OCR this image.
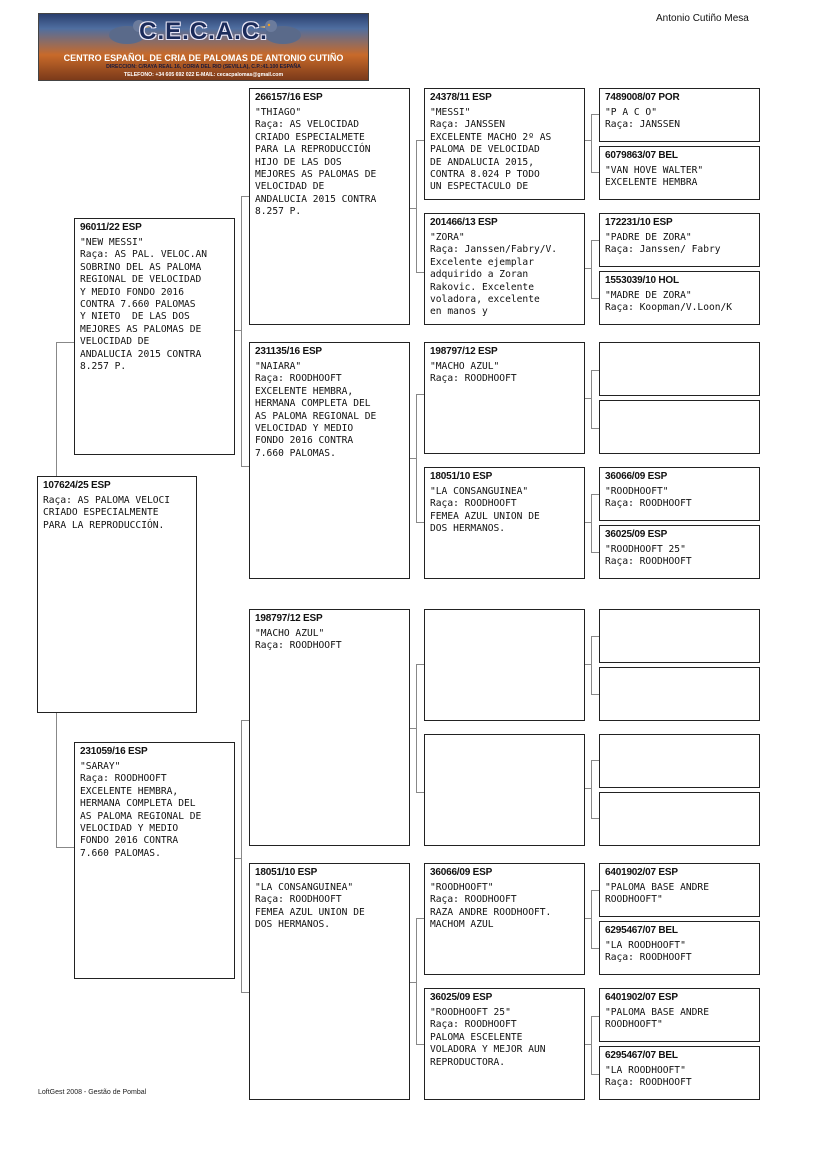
C.E.C.A.C.
CENTRO ESPAÑOL DE CRIA DE PALOMAS DE ANTONIO CUTIÑO
DIRECCION: C/RAYA REAL 16, CORIA DEL RIO (SEVILLA), C.P.:41.100 ESPAÑA
TELEFONO: +34 605 692 022 E-MAIL: cecacpalomas@gmail.com
Antonio Cutiño Mesa
107624/25 ESP
Raça: AS PALOMA VELOCI
CRIADO ESPECIALMENTE
PARA LA REPRODUCCIÓN.
96011/22 ESP
"NEW MESSI"
Raça: AS PAL. VELOC.AN
SOBRINO DEL AS PALOMA
REGIONAL DE VELOCIDAD
Y MEDIO FONDO 2016
CONTRA 7.660 PALOMAS
Y NIETO  DE LAS DOS
MEJORES AS PALOMAS DE
VELOCIDAD DE
ANDALUCIA 2015 CONTRA
8.257 P.
231059/16 ESP
"SARAY"
Raça: ROODHOOFT
EXCELENTE HEMBRA,
HERMANA COMPLETA DEL
AS PALOMA REGIONAL DE
VELOCIDAD Y MEDIO
FONDO 2016 CONTRA
7.660 PALOMAS.
266157/16 ESP
"THIAGO"
Raça: AS VELOCIDAD
CRIADO ESPECIALMETE
PARA LA REPRODUCCIÓN
HIJO DE LAS DOS
MEJORES AS PALOMAS DE
VELOCIDAD DE
ANDALUCIA 2015 CONTRA
8.257 P.
231135/16 ESP
"NAIARA"
Raça: ROODHOOFT
EXCELENTE HEMBRA,
HERMANA COMPLETA DEL
AS PALOMA REGIONAL DE
VELOCIDAD Y MEDIO
FONDO 2016 CONTRA
7.660 PALOMAS.
198797/12 ESP
"MACHO AZUL"
Raça: ROODHOOFT
18051/10 ESP
"LA CONSANGUINEA"
Raça: ROODHOOFT
FEMEA AZUL UNION DE
DOS HERMANOS.
24378/11 ESP
"MESSI"
Raça: JANSSEN
EXCELENTE MACHO 2º AS
PALOMA DE VELOCIDAD
DE ANDALUCIA 2015,
CONTRA 8.024 P TODO
UN ESPECTACULO DE
201466/13 ESP
"ZORA"
Raça: Janssen/Fabry/V.
Excelente ejemplar
adquirido a Zoran
Rakovic. Excelente
voladora, excelente
en manos y
198797/12 ESP
"MACHO AZUL"
Raça: ROODHOOFT
18051/10 ESP
"LA CONSANGUINEA"
Raça: ROODHOOFT
FEMEA AZUL UNION DE
DOS HERMANOS.
36066/09 ESP
"ROODHOOFT"
Raça: ROODHOOFT
RAZA ANDRE ROODHOOFT.
MACHOM AZUL
36025/09 ESP
"ROODHOOFT 25"
Raça: ROODHOOFT
PALOMA ESCELENTE
VOLADORA Y MEJOR AUN
REPRODUCTORA.
7489008/07 POR
"P A C O"
Raça: JANSSEN
6079863/07 BEL
"VAN HOVE WALTER"
EXCELENTE HEMBRA
172231/10 ESP
"PADRE DE ZORA"
Raça: Janssen/ Fabry
1553039/10 HOL
"MADRE DE ZORA"
Raça: Koopman/V.Loon/K
36066/09 ESP
"ROODHOOFT"
Raça: ROODHOOFT
36025/09 ESP
"ROODHOOFT 25"
Raça: ROODHOOFT
6401902/07 ESP
"PALOMA BASE ANDRE
ROODHOOFT"
6295467/07 BEL
"LA ROODHOOFT"
Raça: ROODHOOFT
6401902/07 ESP
"PALOMA BASE ANDRE
ROODHOOFT"
6295467/07 BEL
"LA ROODHOOFT"
Raça: ROODHOOFT
LoftGest 2008 - Gestão de Pombal
